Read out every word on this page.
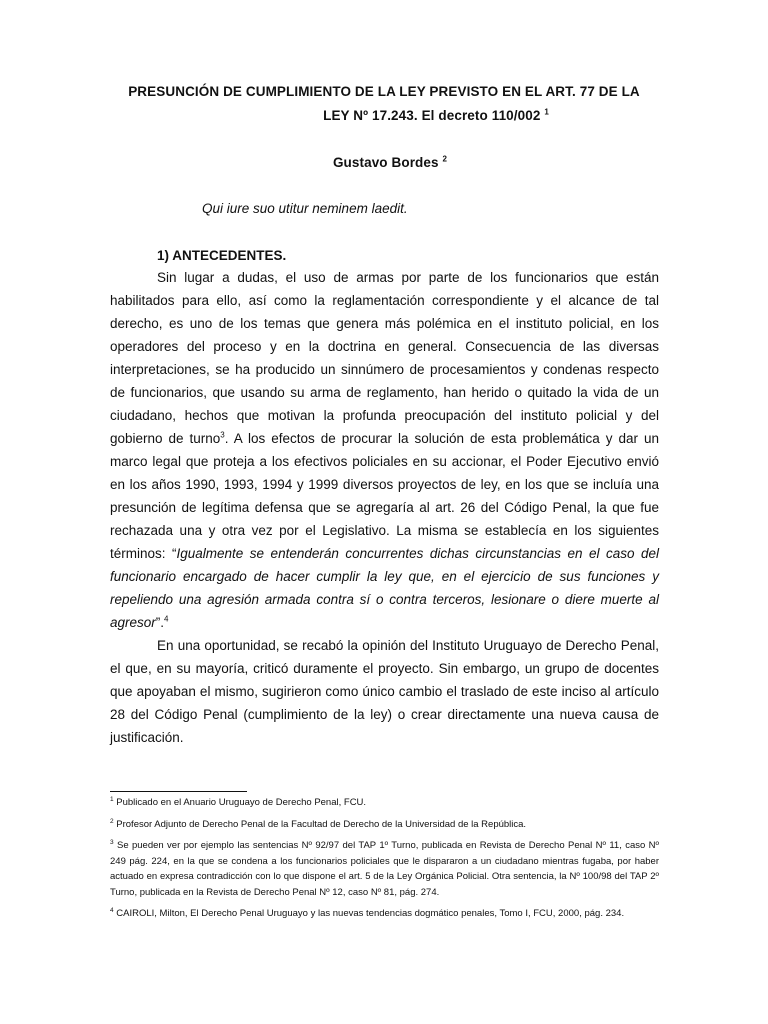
PRESUNCIÓN DE CUMPLIMIENTO DE LA LEY PREVISTO EN EL ART. 77 DE LA
LEY Nº 17.243. El decreto 110/002 $^1$
Gustavo Bordes $^2$
Qui iure suo utitur neminem laedit.
1) ANTECEDENTES.

Sin lugar a dudas, el uso de armas por parte de los funcionarios que están habilitados para ello, así como la reglamentación correspondiente y el alcance de tal derecho, es uno de los temas que genera más polémica en el instituto policial, en los operadores del proceso y en la doctrina en general. Consecuencia de las diversas interpretaciones, se ha producido un sinnúmero de procesamientos y condenas respecto de funcionarios, que usando su arma de reglamento, han herido o quitado la vida de un ciudadano, hechos que motivan la profunda preocupación del instituto policial y del gobierno de turno$^3$. A los efectos de procurar la solución de esta problemática y dar un marco legal que proteja a los efectivos policiales en su accionar, el Poder Ejecutivo envió en los años 1990, 1993, 1994 y 1999 diversos proyectos de ley, en los que se incluía una presunción de legítima defensa que se agregaría al art. 26 del Código Penal, la que fue rechazada una y otra vez por el Legislativo. La misma se establecía en los siguientes términos: “Igualmente se entenderán concurrentes dichas circunstancias en el caso del funcionario encargado de hacer cumplir la ley que, en el ejercicio de sus funciones y repeliendo una agresión armada contra sí o contra terceros, lesionare o diere muerte al agresor”.$^4$

En una oportunidad, se recabó la opinión del Instituto Uruguayo de Derecho Penal, el que, en su mayoría, criticó duramente el proyecto. Sin embargo, un grupo de docentes que apoyaban el mismo, sugirieron como único cambio el traslado de este inciso al artículo 28 del Código Penal (cumplimiento de la ley) o crear directamente una nueva causa de justificación.

$^1$ Publicado en el Anuario Uruguayo de Derecho Penal, FCU.

$^2$ Profesor Adjunto de Derecho Penal de la Facultad de Derecho de la Universidad de la República.

$^3$ Se pueden ver por ejemplo las sentencias Nº 92/97 del TAP 1º Turno, publicada en Revista de Derecho Penal Nº 11, caso Nº 249 pág. 224, en la que se condena a los funcionarios policiales que le dispararon a un ciudadano mientras fugaba, por haber actuado en expresa contradicción con lo que dispone el art. 5 de la Ley Orgánica Policial. Otra sentencia, la Nº 100/98 del TAP 2º Turno, publicada en la Revista de Derecho Penal Nº 12, caso Nº 81, pág. 274.

$^4$ CAIROLI, Milton, El Derecho Penal Uruguayo y las nuevas tendencias dogmático penales, Tomo I, FCU, 2000, pág. 234.
